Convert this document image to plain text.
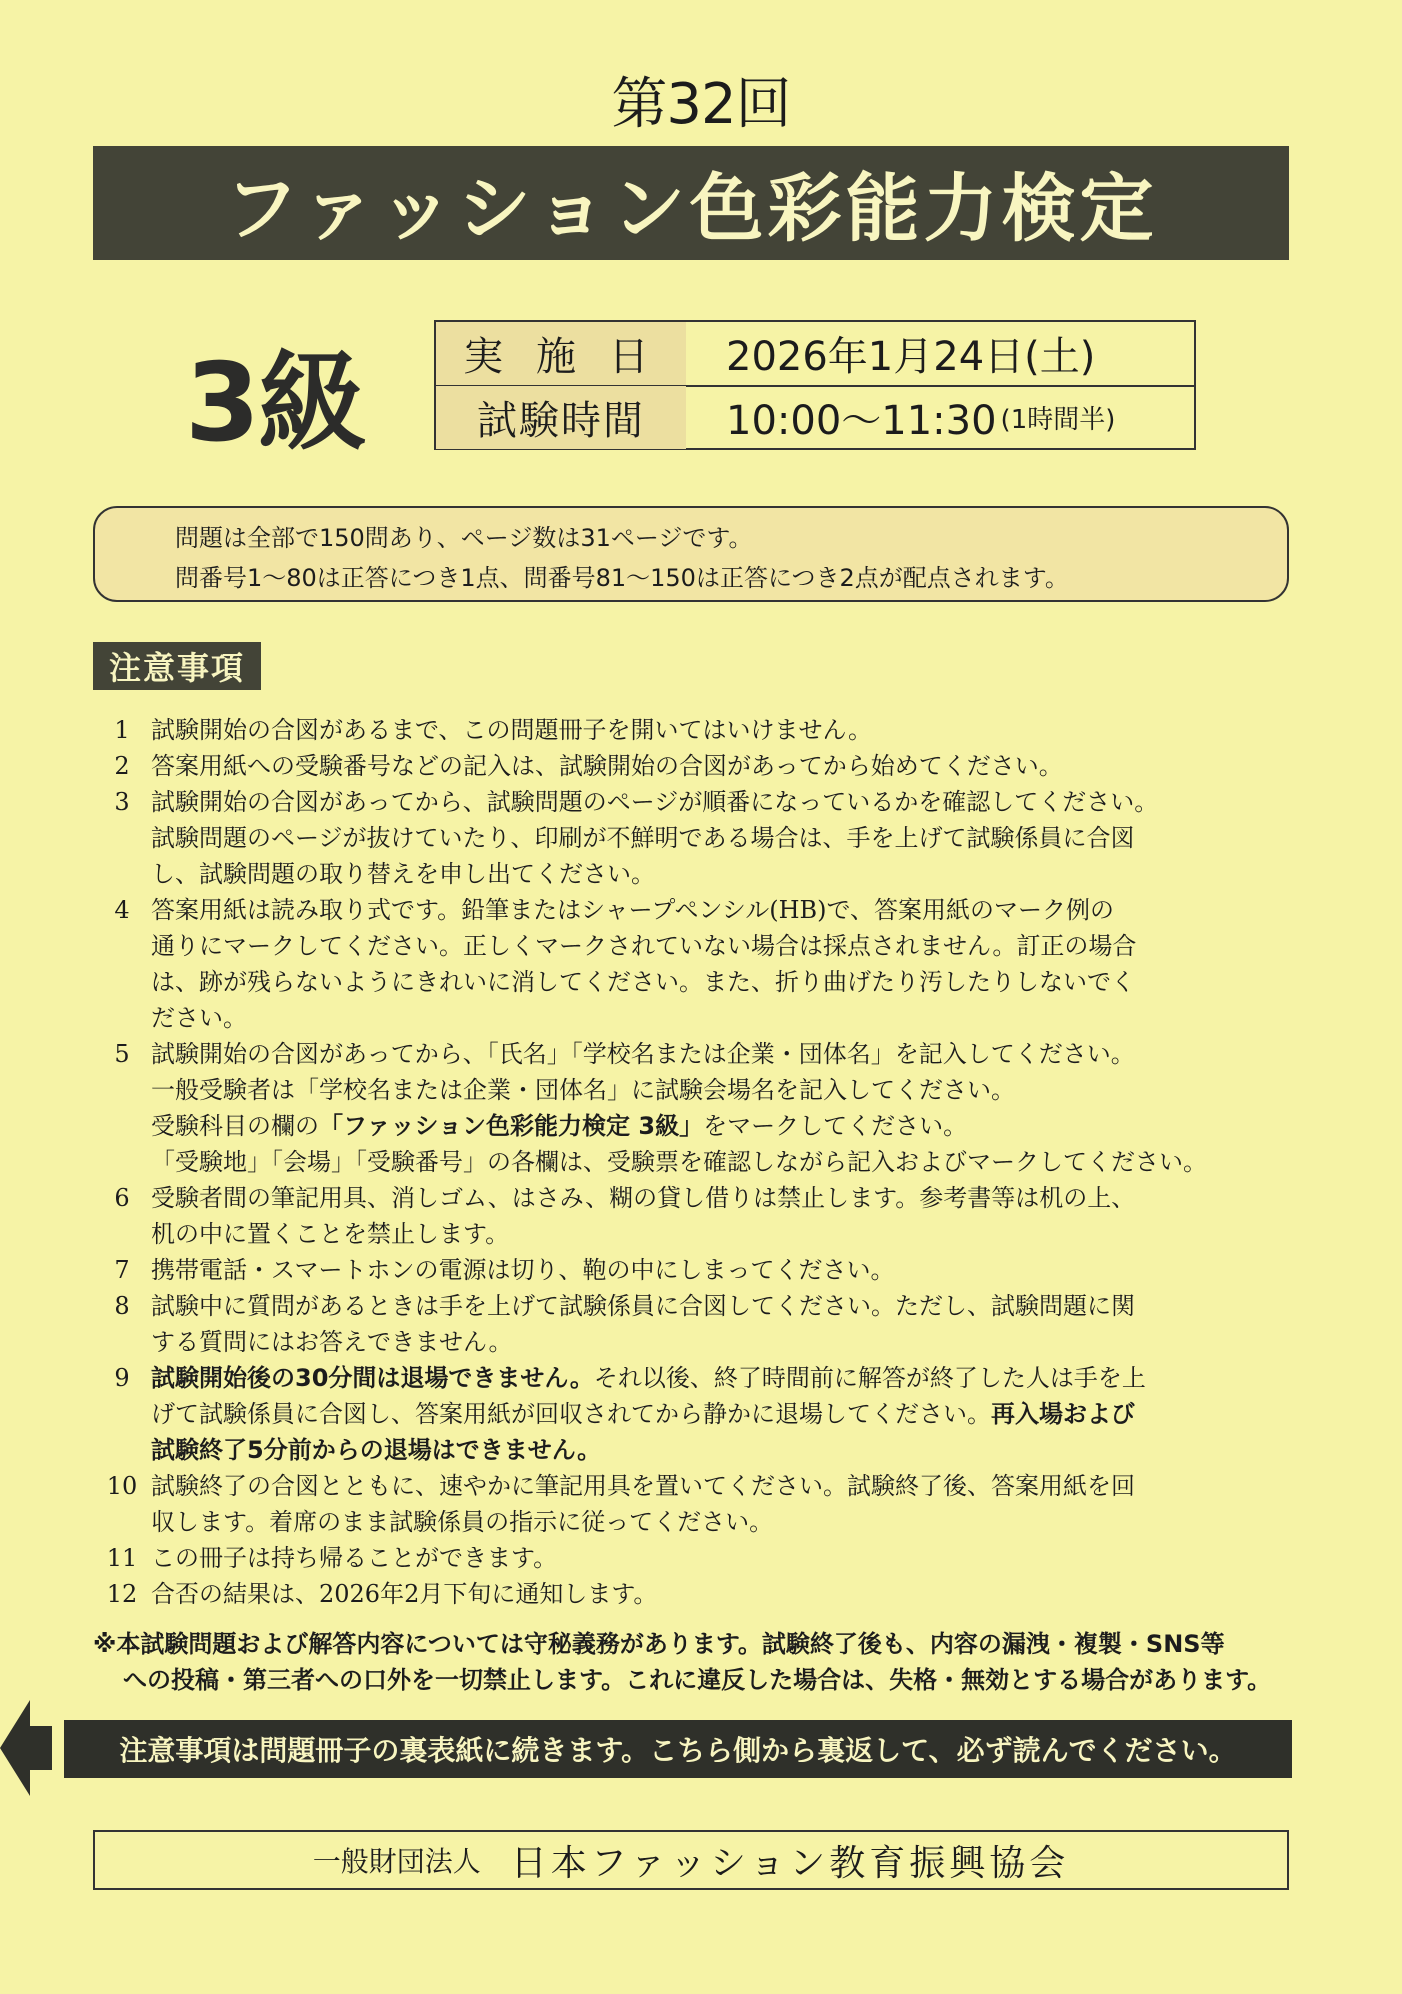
第32回
ファッション色彩能力検定
3級	実 施 日	2026年1月24日(土)
試験時間	10:00〜11:30 (1時間半)
問題は全部で150問あり、ページ数は31ページです。
問番号1〜80は正答につき1点、問番号81〜150は正答につき2点が配点されます。
注意事項
1 試験開始の合図があるまで、この問題冊子を開いてはいけません。
2 答案用紙への受験番号などの記入は、試験開始の合図があってから始めてください。
3 試験開始の合図があってから、試験問題のページが順番になっているかを確認してください。
試験問題のページが抜けていたり、印刷が不鮮明である場合は、手を上げて試験係員に合図
し、試験問題の取り替えを申し出てください。
4 答案用紙は読み取り式です。鉛筆またはシャープペンシル(HB)で、答案用紙のマーク例の
通りにマークしてください。正しくマークされていない場合は採点されません。訂正の場合
は、跡が残らないようにきれいに消してください。また、折り曲げたり汚したりしないでく
ださい。
5 試験開始の合図があってから、「氏名」「学校名または企業・団体名」を記入してください。
一般受験者は「学校名または企業・団体名」に試験会場名を記入してください。
受験科目の欄の「ファッション色彩能力検定 3級」をマークしてください。
「受験地」「会場」「受験番号」の各欄は、受験票を確認しながら記入およびマークしてください。
6 受験者間の筆記用具、消しゴム、はさみ、糊の貸し借りは禁止します。参考書等は机の上、
机の中に置くことを禁止します。
7 携帯電話・スマートホンの電源は切り、鞄の中にしまってください。
8 試験中に質問があるときは手を上げて試験係員に合図してください。ただし、試験問題に関
する質問にはお答えできません。
9 試験開始後の30分間は退場できません。それ以後、終了時間前に解答が終了した人は手を上
げて試験係員に合図し、答案用紙が回収されてから静かに退場してください。再入場および
試験終了5分前からの退場はできません。
10 試験終了の合図とともに、速やかに筆記用具を置いてください。試験終了後、答案用紙を回
収します。着席のまま試験係員の指示に従ってください。
11 この冊子は持ち帰ることができます。
12 合否の結果は、2026年2月下旬に通知します。
※本試験問題および解答内容については守秘義務があります。試験終了後も、内容の漏洩・複製・SNS等
への投稿・第三者への口外を一切禁止します。これに違反した場合は、失格・無効とする場合があります。
注意事項は問題冊子の裏表紙に続きます。こちら側から裏返して、必ず読んでください。
一般財団法人 日本ファッション教育振興協会
